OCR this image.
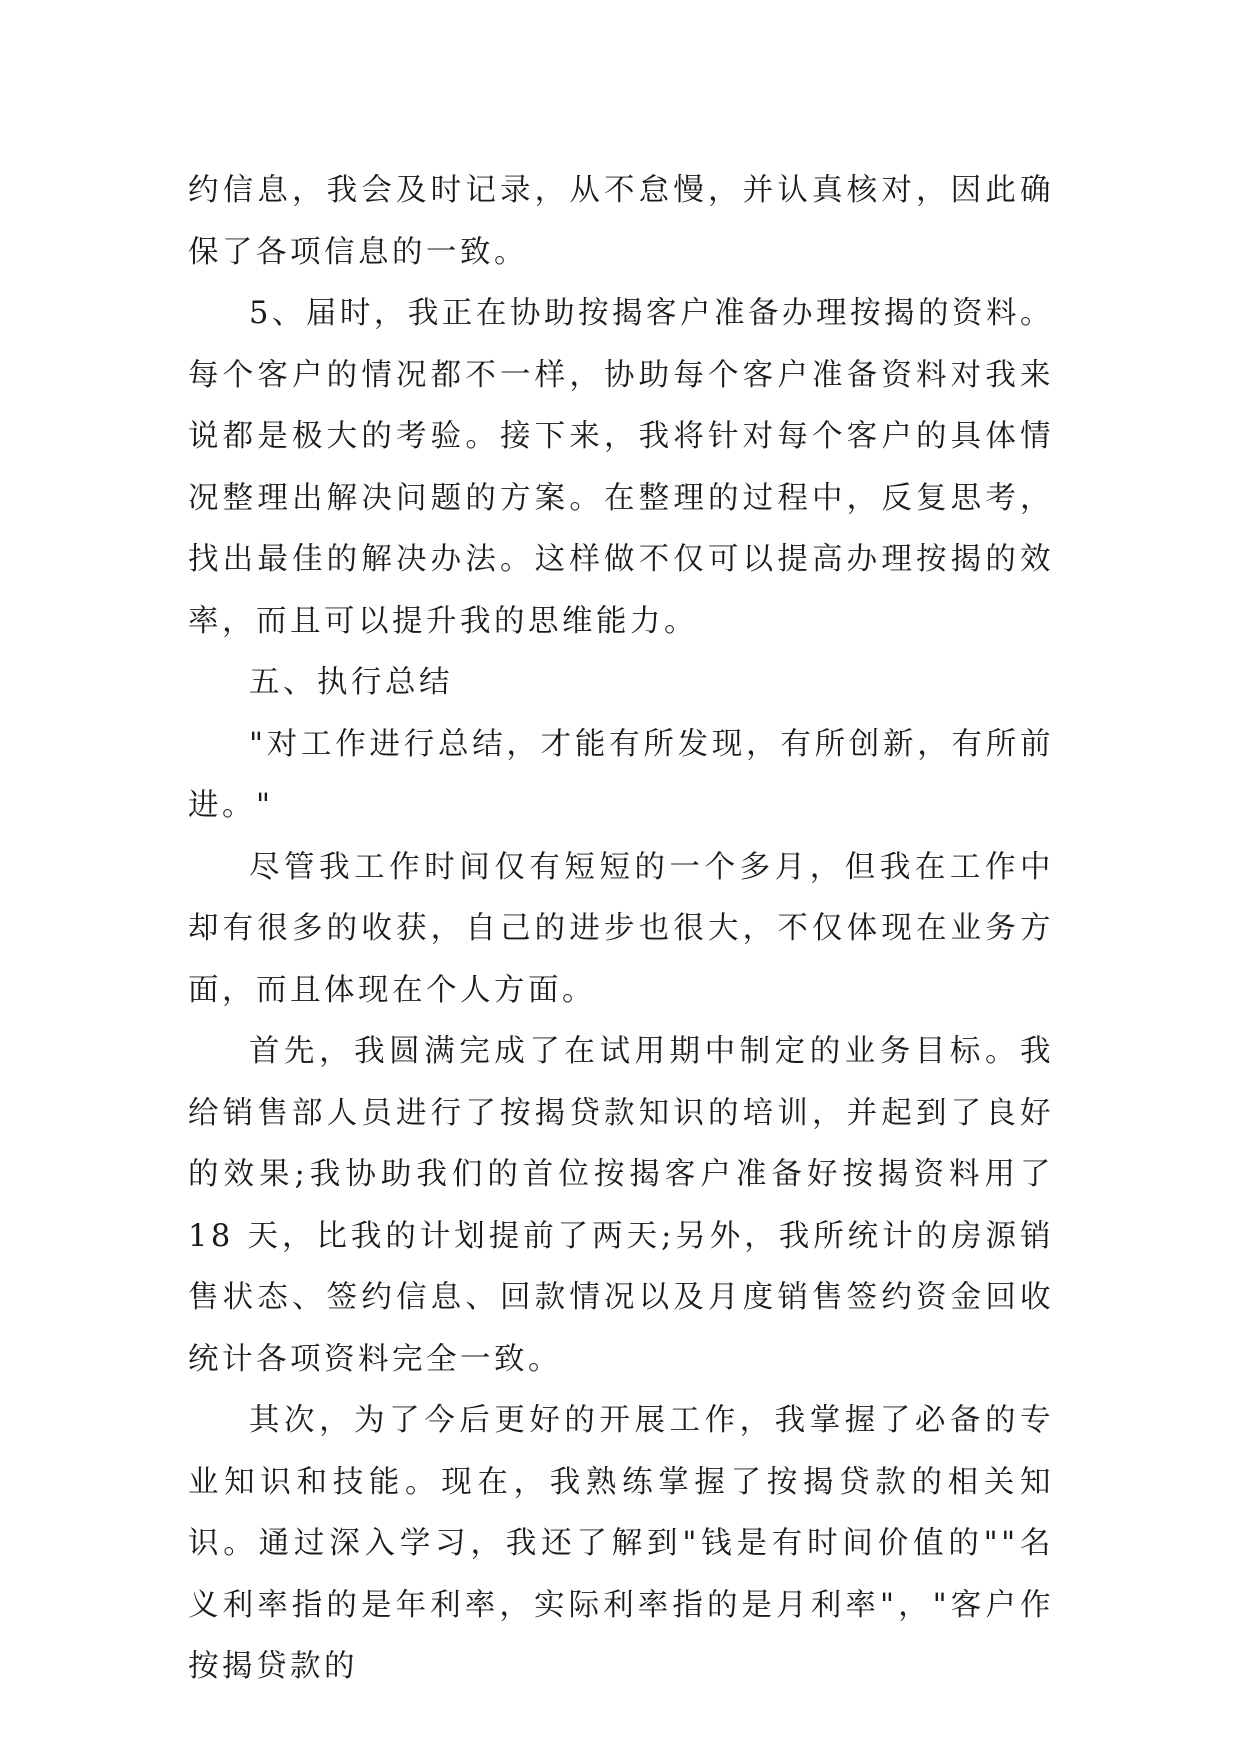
约信息，我会及时记录，从不怠慢，并认真核对，因此确保了各项信息的一致。

5、届时，我正在协助按揭客户准备办理按揭的资料。每个客户的情况都不一样，协助每个客户准备资料对我来说都是极大的考验。接下来，我将针对每个客户的具体情况整理出解决问题的方案。在整理的过程中，反复思考，找出最佳的解决办法。这样做不仅可以提高办理按揭的效率，而且可以提升我的思维能力。

五、执行总结

"对工作进行总结，才能有所发现，有所创新，有所前进。"

尽管我工作时间仅有短短的一个多月，但我在工作中却有很多的收获，自己的进步也很大，不仅体现在业务方面，而且体现在个人方面。

首先，我圆满完成了在试用期中制定的业务目标。我给销售部人员进行了按揭贷款知识的培训，并起到了良好的效果;我协助我们的首位按揭客户准备好按揭资料用了 18 天，比我的计划提前了两天;另外，我所统计的房源销售状态、签约信息、回款情况以及月度销售签约资金回收统计各项资料完全一致。

其次，为了今后更好的开展工作，我掌握了必备的专业知识和技能。现在，我熟练掌握了按揭贷款的相关知识。通过深入学习，我还了解到"钱是有时间价值的""名义利率指的是年利率，实际利率指的是月利率"，"客户作按揭贷款的
